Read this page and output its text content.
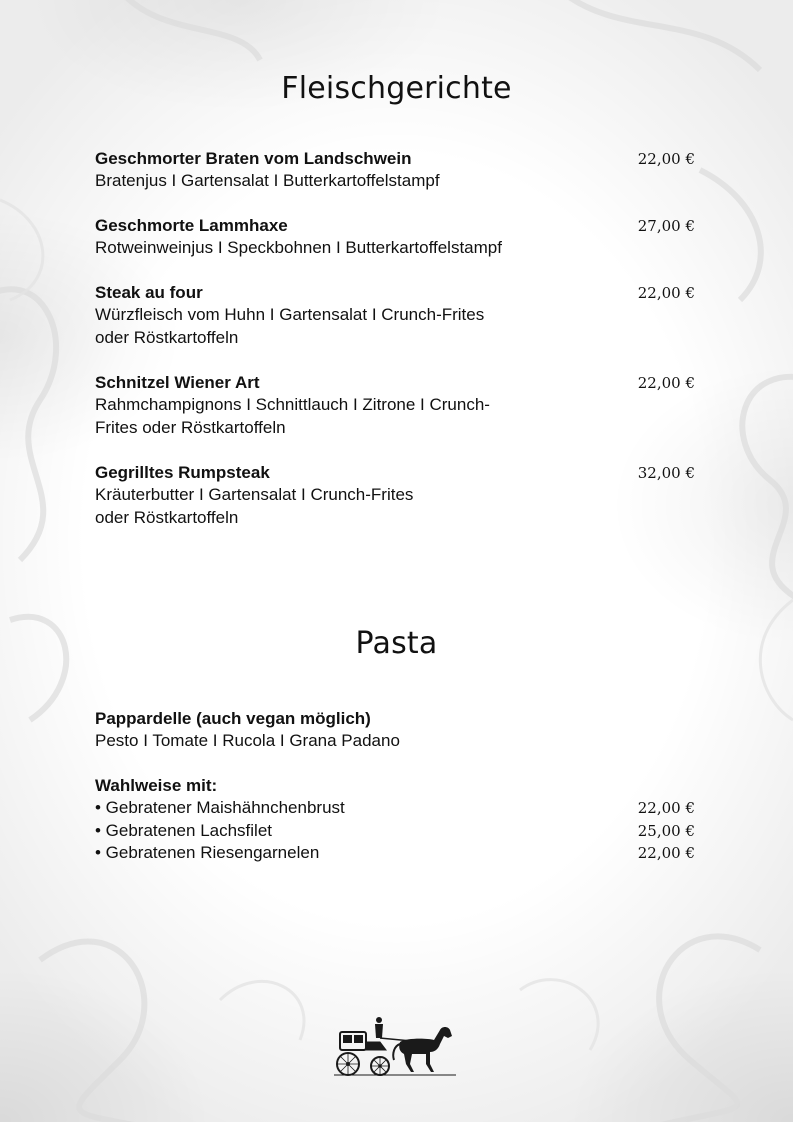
Fleischgerichte
Geschmorter Braten vom Landschwein
Bratenjus I Gartensalat I Butterkartoffelstampf
22,00 €
Geschmorte Lammhaxe
Rotweinweinjus I Speckbohnen I Butterkartoffelstampf
27,00 €
Steak au four
Würzfleisch vom Huhn I Gartensalat I Crunch-Frites oder Röstkartoffeln
22,00 €
Schnitzel Wiener Art
Rahmchampignons I Schnittlauch I Zitrone I Crunch-Frites oder Röstkartoffeln
22,00 €
Gegrilltes Rumpsteak
Kräuterbutter I Gartensalat I Crunch-Frites oder Röstkartoffeln
32,00 €
Pasta
Pappardelle (auch vegan möglich)
Pesto I Tomate I Rucola I Grana Padano
Wahlweise mit:
• Gebratener Maishähnchenbrust	22,00 €
• Gebratenen Lachsfilet	25,00 €
• Gebratenen Riesengarnelen	22,00 €
